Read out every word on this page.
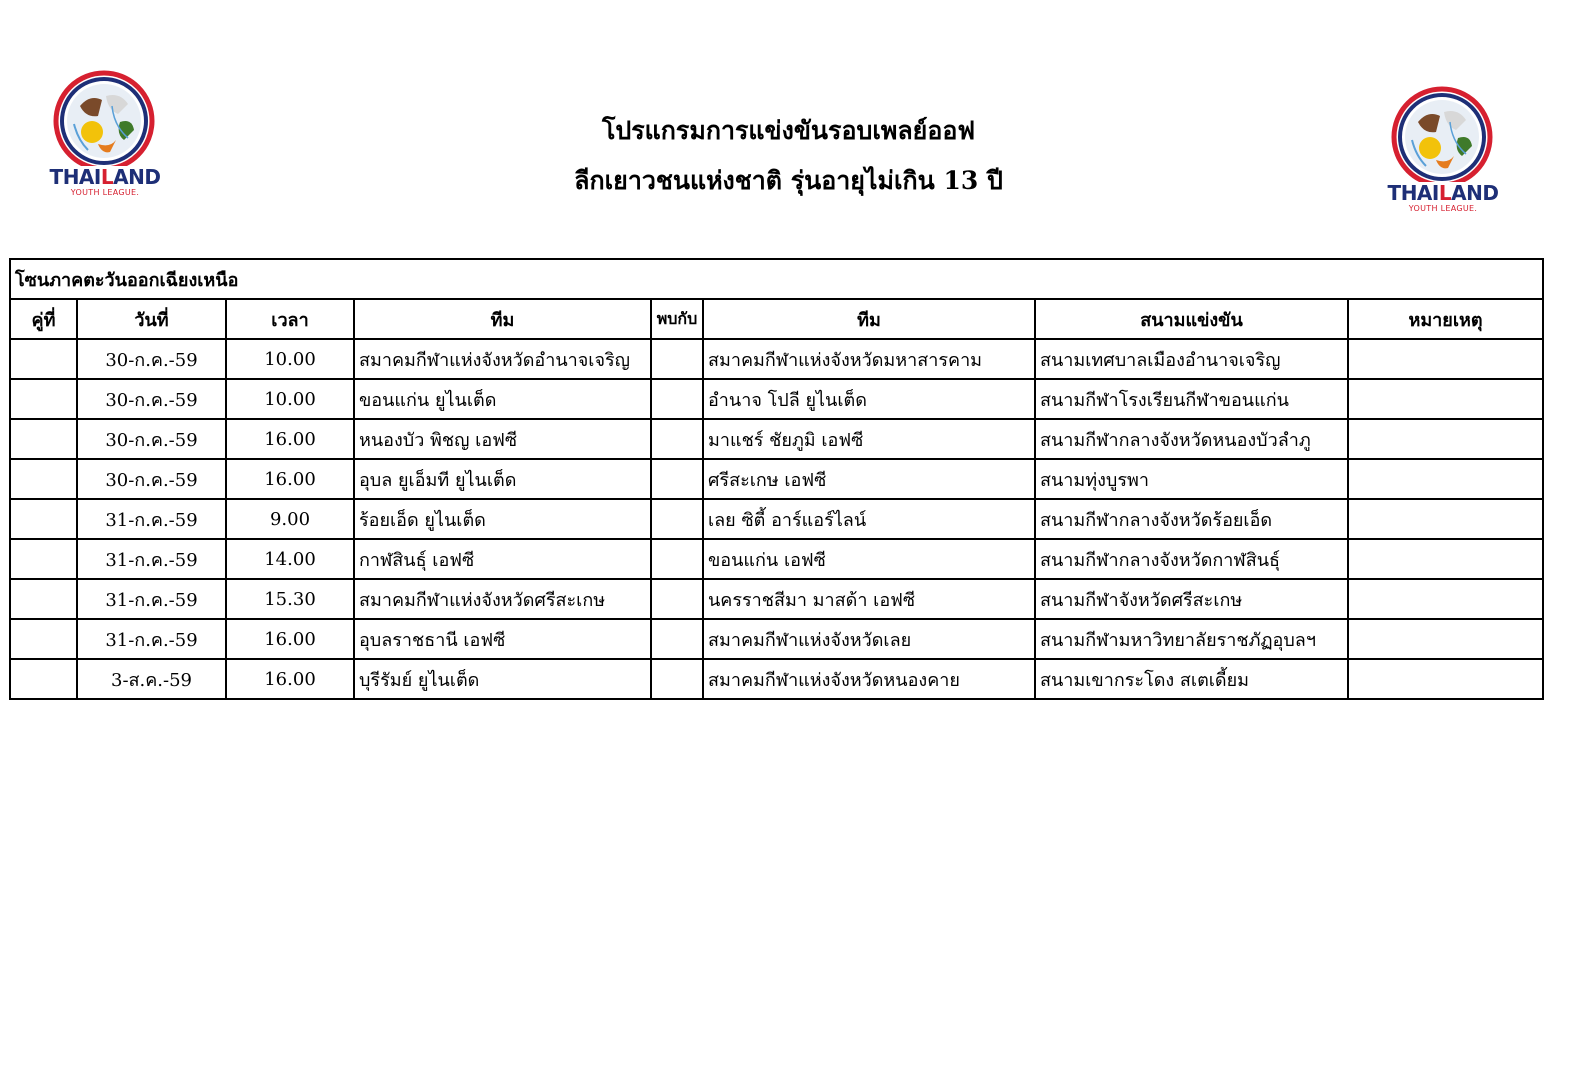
THAILAND
YOUTH LEAGUE.	THAILAND
YOUTH LEAGUE.
โปรแกรมการแข่งขันรอบเพลย์ออฟ
ลีกเยาวชนแห่งชาติ รุ่นอายุไม่เกิน 13 ปี
โซนภาคตะวันออกเฉียงเหนือ							
คู่ที่	วันที่	เวลา	ทีม	พบกับ	ทีม	สนามแข่งขัน	หมายเหตุ
	30-ก.ค.-59	10.00	สมาคมกีฬาแห่งจังหวัดอำนาจเจริญ		สมาคมกีฬาแห่งจังหวัดมหาสารคาม	สนามเทศบาลเมืองอำนาจเจริญ	
	30-ก.ค.-59	10.00	ขอนแก่น ยูไนเต็ด		อำนาจ โปลี ยูไนเต็ด	สนามกีฬาโรงเรียนกีฬาขอนแก่น	
	30-ก.ค.-59	16.00	หนองบัว พิชญ เอฟซี		มาแชร์ ชัยภูมิ เอฟซี	สนามกีฬากลางจังหวัดหนองบัวลำภู	
	30-ก.ค.-59	16.00	อุบล ยูเอ็มที ยูไนเต็ด		ศรีสะเกษ เอฟซี	สนามทุ่งบูรพา	
	31-ก.ค.-59	9.00	ร้อยเอ็ด ยูไนเต็ด		เลย ซิตี้ อาร์แอร์ไลน์	สนามกีฬากลางจังหวัดร้อยเอ็ด	
	31-ก.ค.-59	14.00	กาฬสินธุ์ เอฟซี		ขอนแก่น เอฟซี	สนามกีฬากลางจังหวัดกาฬสินธุ์	
	31-ก.ค.-59	15.30	สมาคมกีฬาแห่งจังหวัดศรีสะเกษ		นครราชสีมา มาสด้า เอฟซี	สนามกีฬาจังหวัดศรีสะเกษ	
	31-ก.ค.-59	16.00	อุบลราชธานี เอฟซี		สมาคมกีฬาแห่งจังหวัดเลย	สนามกีฬามหาวิทยาลัยราชภัฏอุบลฯ	
	3-ส.ค.-59	16.00	บุรีรัมย์ ยูไนเต็ด		สมาคมกีฬาแห่งจังหวัดหนองคาย	สนามเขากระโดง สเตเดี้ยม	
